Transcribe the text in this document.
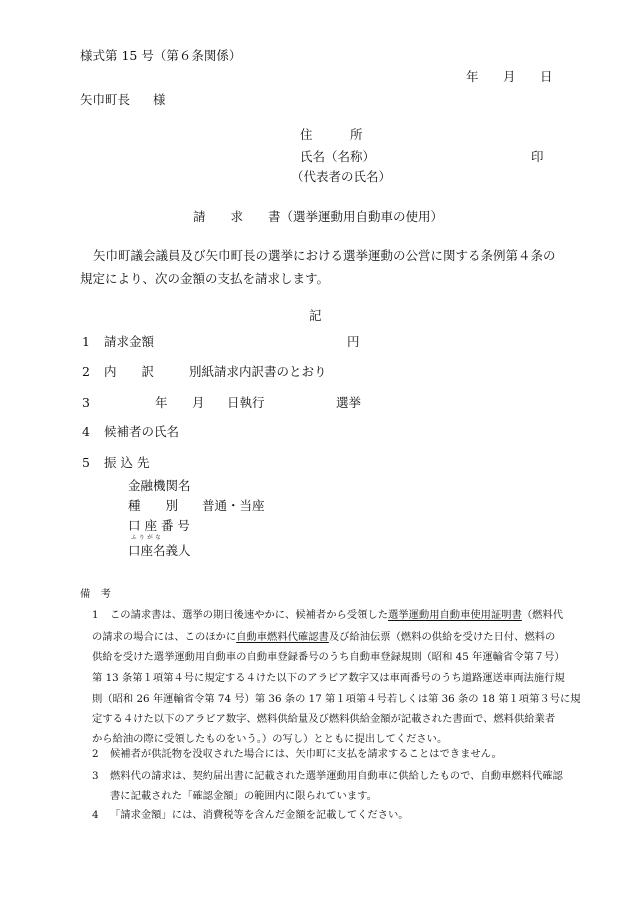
様式第 15 号（第６条関係）
年 月 日
矢巾町長 様
住　　　所
氏名（名称）	印
（代表者の氏名）
請　　求　　書（選挙運動用自動車の使用）
矢巾町議会議員及び矢巾町長の選挙における選挙運動の公営に関する条例第４条の
規定により、次の金額の支払を請求します。
記
1 請求金額	円
2 内　　訳	別紙請求内訳書のとおり
3	年 月 日執行	選挙
4 候補者の氏名
5 振 込 先
金融機関名
種　　別 普通・当座
口 座 番 号
ふりがな
口座名義人
備　考
1 この請求書は、選挙の期日後速やかに、候補者から受領した選挙運動用自動車使用証明書（燃料代
の請求の場合には、このほかに自動車燃料代確認書及び給油伝票（燃料の供給を受けた日付、燃料の
供給を受けた選挙運動用自動車の自動車登録番号のうち自動車登録規則（昭和 45 年運輸省令第７号）
第 13 条第１項第４号に規定する４けた以下のアラビア数字又は車両番号のうち道路運送車両法施行規
則（昭和 26 年運輸省令第 74 号）第 36 条の 17 第１項第４号若しくは第 36 条の 18 第１項第３号に規
定する４けた以下のアラビア数字、燃料供給量及び燃料供給金額が記載された書面で、燃料供給業者
から給油の際に受領したものをいう。）の写し）とともに提出してください。
2 候補者が供託物を没収された場合には、矢巾町に支払を請求することはできません。
3 燃料代の請求は、契約届出書に記載された選挙運動用自動車に供給したもので、自動車燃料代確認
書に記載された「確認金額」の範囲内に限られています。
4 「請求金額」には、消費税等を含んだ金額を記載してください。
